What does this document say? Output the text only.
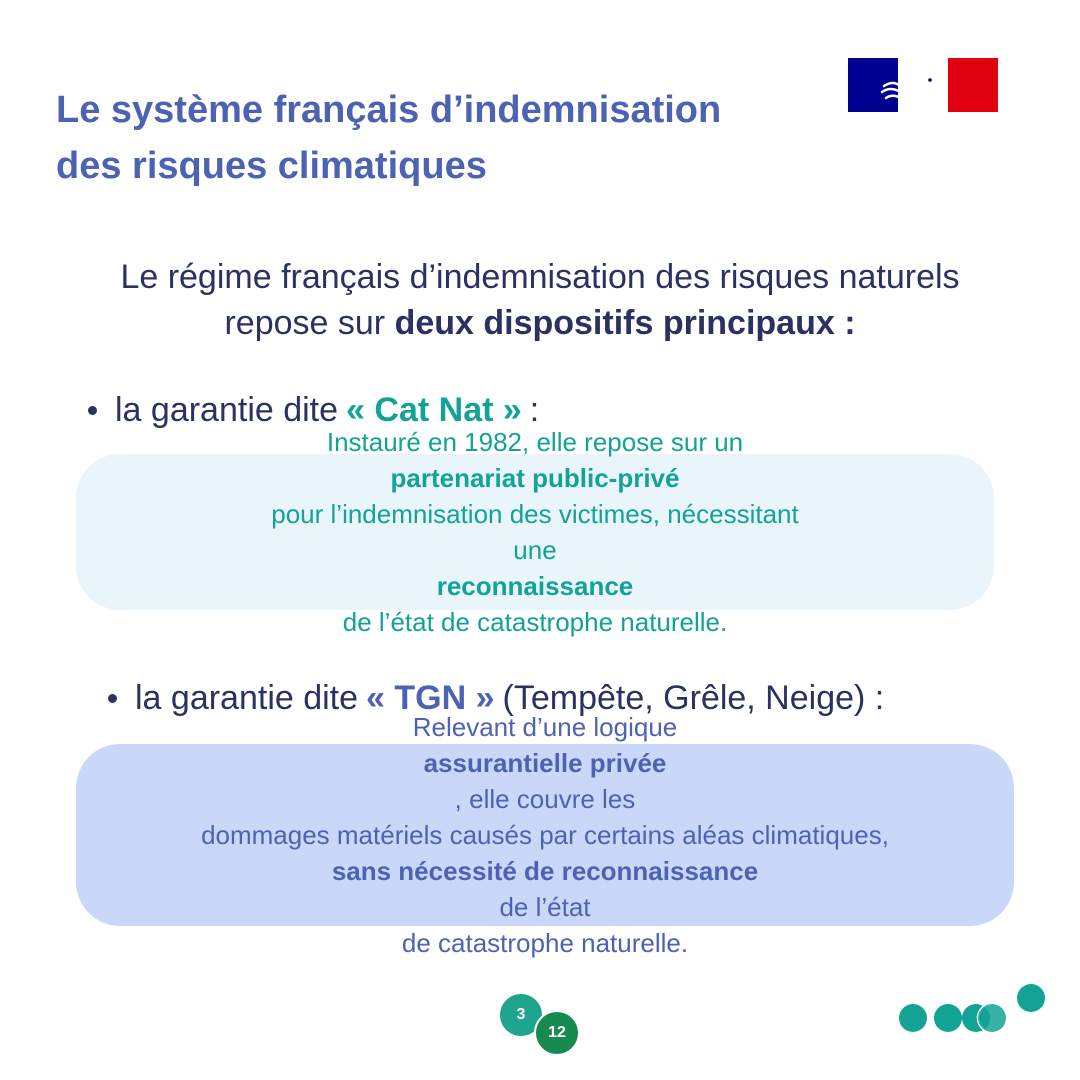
Le système français d’indemnisation
des risques climatiques
Le régime français d’indemnisation des risques naturels
repose sur deux dispositifs principaux :
la garantie dite « Cat Nat » :
Instauré en 1982, elle repose sur un
partenariat public-privé
pour l’indemnisation des victimes, nécessitant
une
reconnaissance
de l’état de catastrophe naturelle.
la garantie dite « TGN » (Tempête, Grêle, Neige) :
Relevant d’une logique
assurantielle privée
, elle couvre les
dommages matériels causés par certains aléas climatiques,
sans nécessité de reconnaissance
de l’état
de catastrophe naturelle.
3
12
